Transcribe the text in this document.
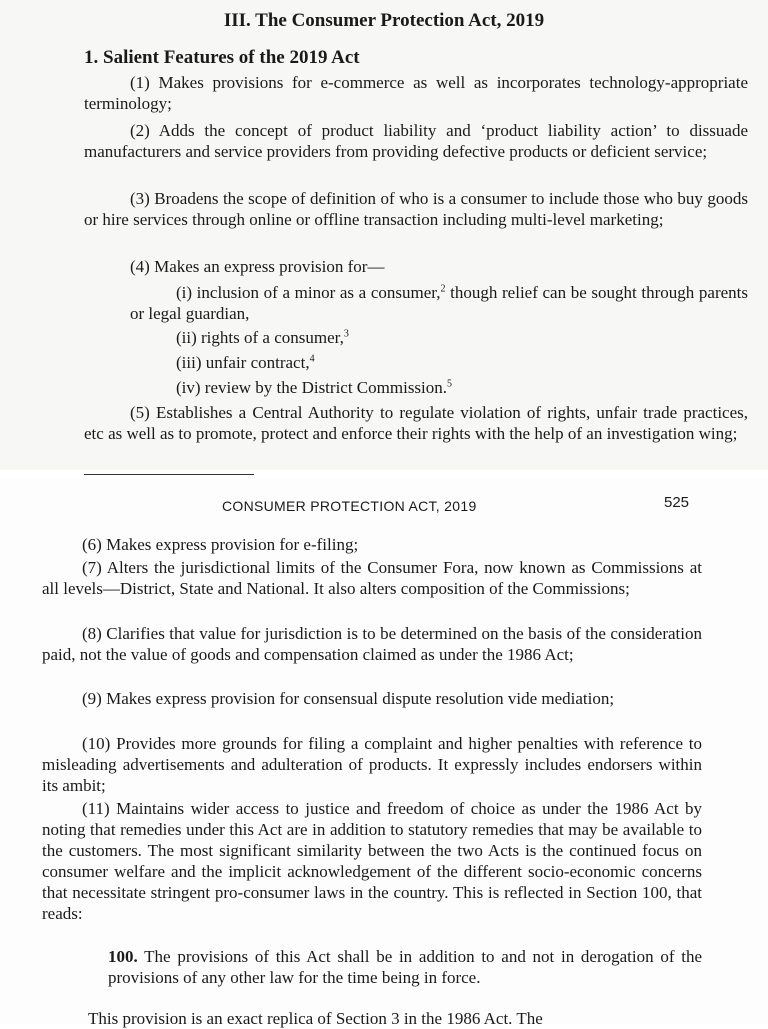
III. The Consumer Protection Act, 2019
1. Salient Features of the 2019 Act

(1) Makes provisions for e-commerce as well as incorporates technology-appropriate terminology;

(2) Adds the concept of product liability and ‘product liability action’ to dissuade manufacturers and service providers from providing defective products or deficient service;

(3) Broadens the scope of definition of who is a consumer to include those who buy goods or hire services through online or offline transaction including multi-level marketing;

(4) Makes an express provision for—

(i) inclusion of a minor as a consumer,$^2$ though relief can be sought through parents or legal guardian,

(ii) rights of a consumer,$^3$

(iii) unfair contract,$^4$

(iv) review by the District Commission.$^5$

(5) Establishes a Central Authority to regulate violation of rights, unfair trade practices, etc as well as to promote, protect and enforce their rights with the help of an investigation wing;

CONSUMER PROTECTION ACT, 2019	525

(6) Makes express provision for e-filing;

(7) Alters the jurisdictional limits of the Consumer Fora, now known as Commissions at all levels—District, State and National. It also alters composition of the Commissions;

(8) Clarifies that value for jurisdiction is to be determined on the basis of the consideration paid, not the value of goods and compensation claimed as under the 1986 Act;

(9) Makes express provision for consensual dispute resolution vide mediation;

(10) Provides more grounds for filing a complaint and higher penalties with reference to misleading advertisements and adulteration of products. It expressly includes endorsers within its ambit;

(11) Maintains wider access to justice and freedom of choice as under the 1986 Act by noting that remedies under this Act are in addition to statutory remedies that may be available to the customers. The most significant similarity between the two Acts is the continued focus on consumer welfare and the implicit acknowledgement of the different socio-economic concerns that necessitate stringent pro-consumer laws in the country. This is reflected in Section 100, that reads:

100. The provisions of this Act shall be in addition to and not in derogation of the provisions of any other law for the time being in force.

This provision is an exact replica of Section 3 in the 1986 Act. The
